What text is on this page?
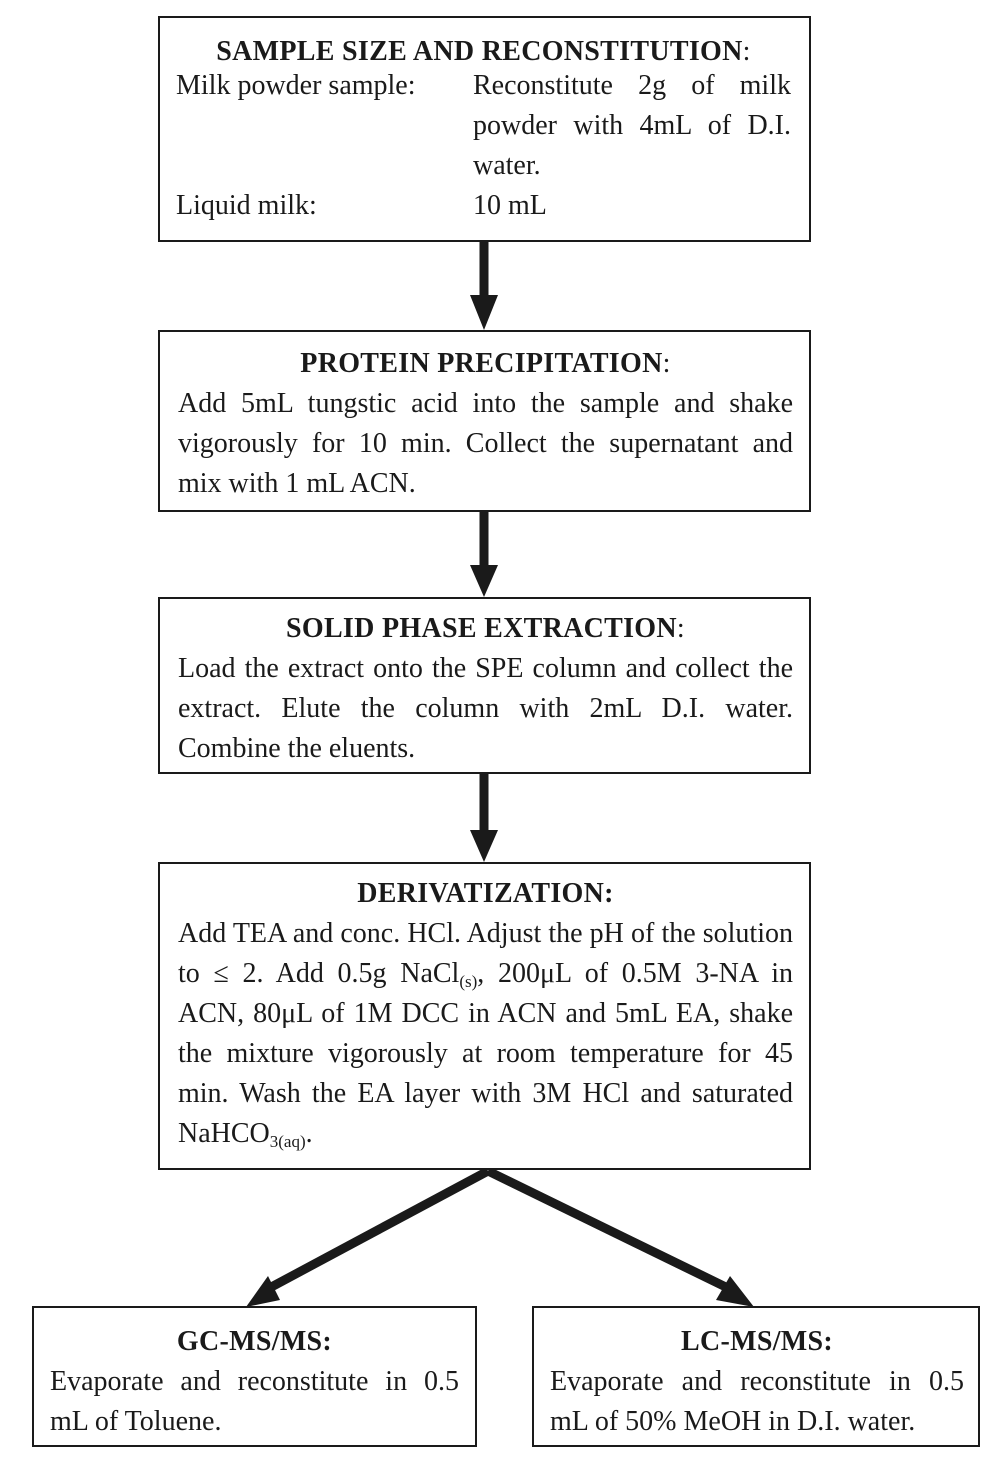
SAMPLE SIZE AND RECONSTITUTION:
Milk powder sample:	Reconstitute 2g of milk powder with 4mL of D.I. water.
Liquid milk:	10 mL
PROTEIN PRECIPITATION:
Add 5mL tungstic acid into the sample and shake vigorously for 10 min. Collect the supernatant and mix with 1 mL ACN.
SOLID PHASE EXTRACTION:
Load the extract onto the SPE column and collect the extract. Elute the column with 2mL D.I. water. Combine the eluents.
DERIVATIZATION:
Add TEA and conc. HCl. Adjust the pH of the solution to ≤ 2. Add 0.5g NaCl$_{(s)}$, 200μL of 0.5M 3-NA in ACN, 80μL of 1M DCC in ACN and 5mL EA, shake the mixture vigorously at room temperature for 45 min. Wash the EA layer with 3M HCl and saturated NaHCO$_{3(aq)}$.
GC-MS/MS:
Evaporate and reconstitute in 0.5 mL of Toluene.
LC-MS/MS:
Evaporate and reconstitute in 0.5 mL of 50% MeOH in D.I. water.
